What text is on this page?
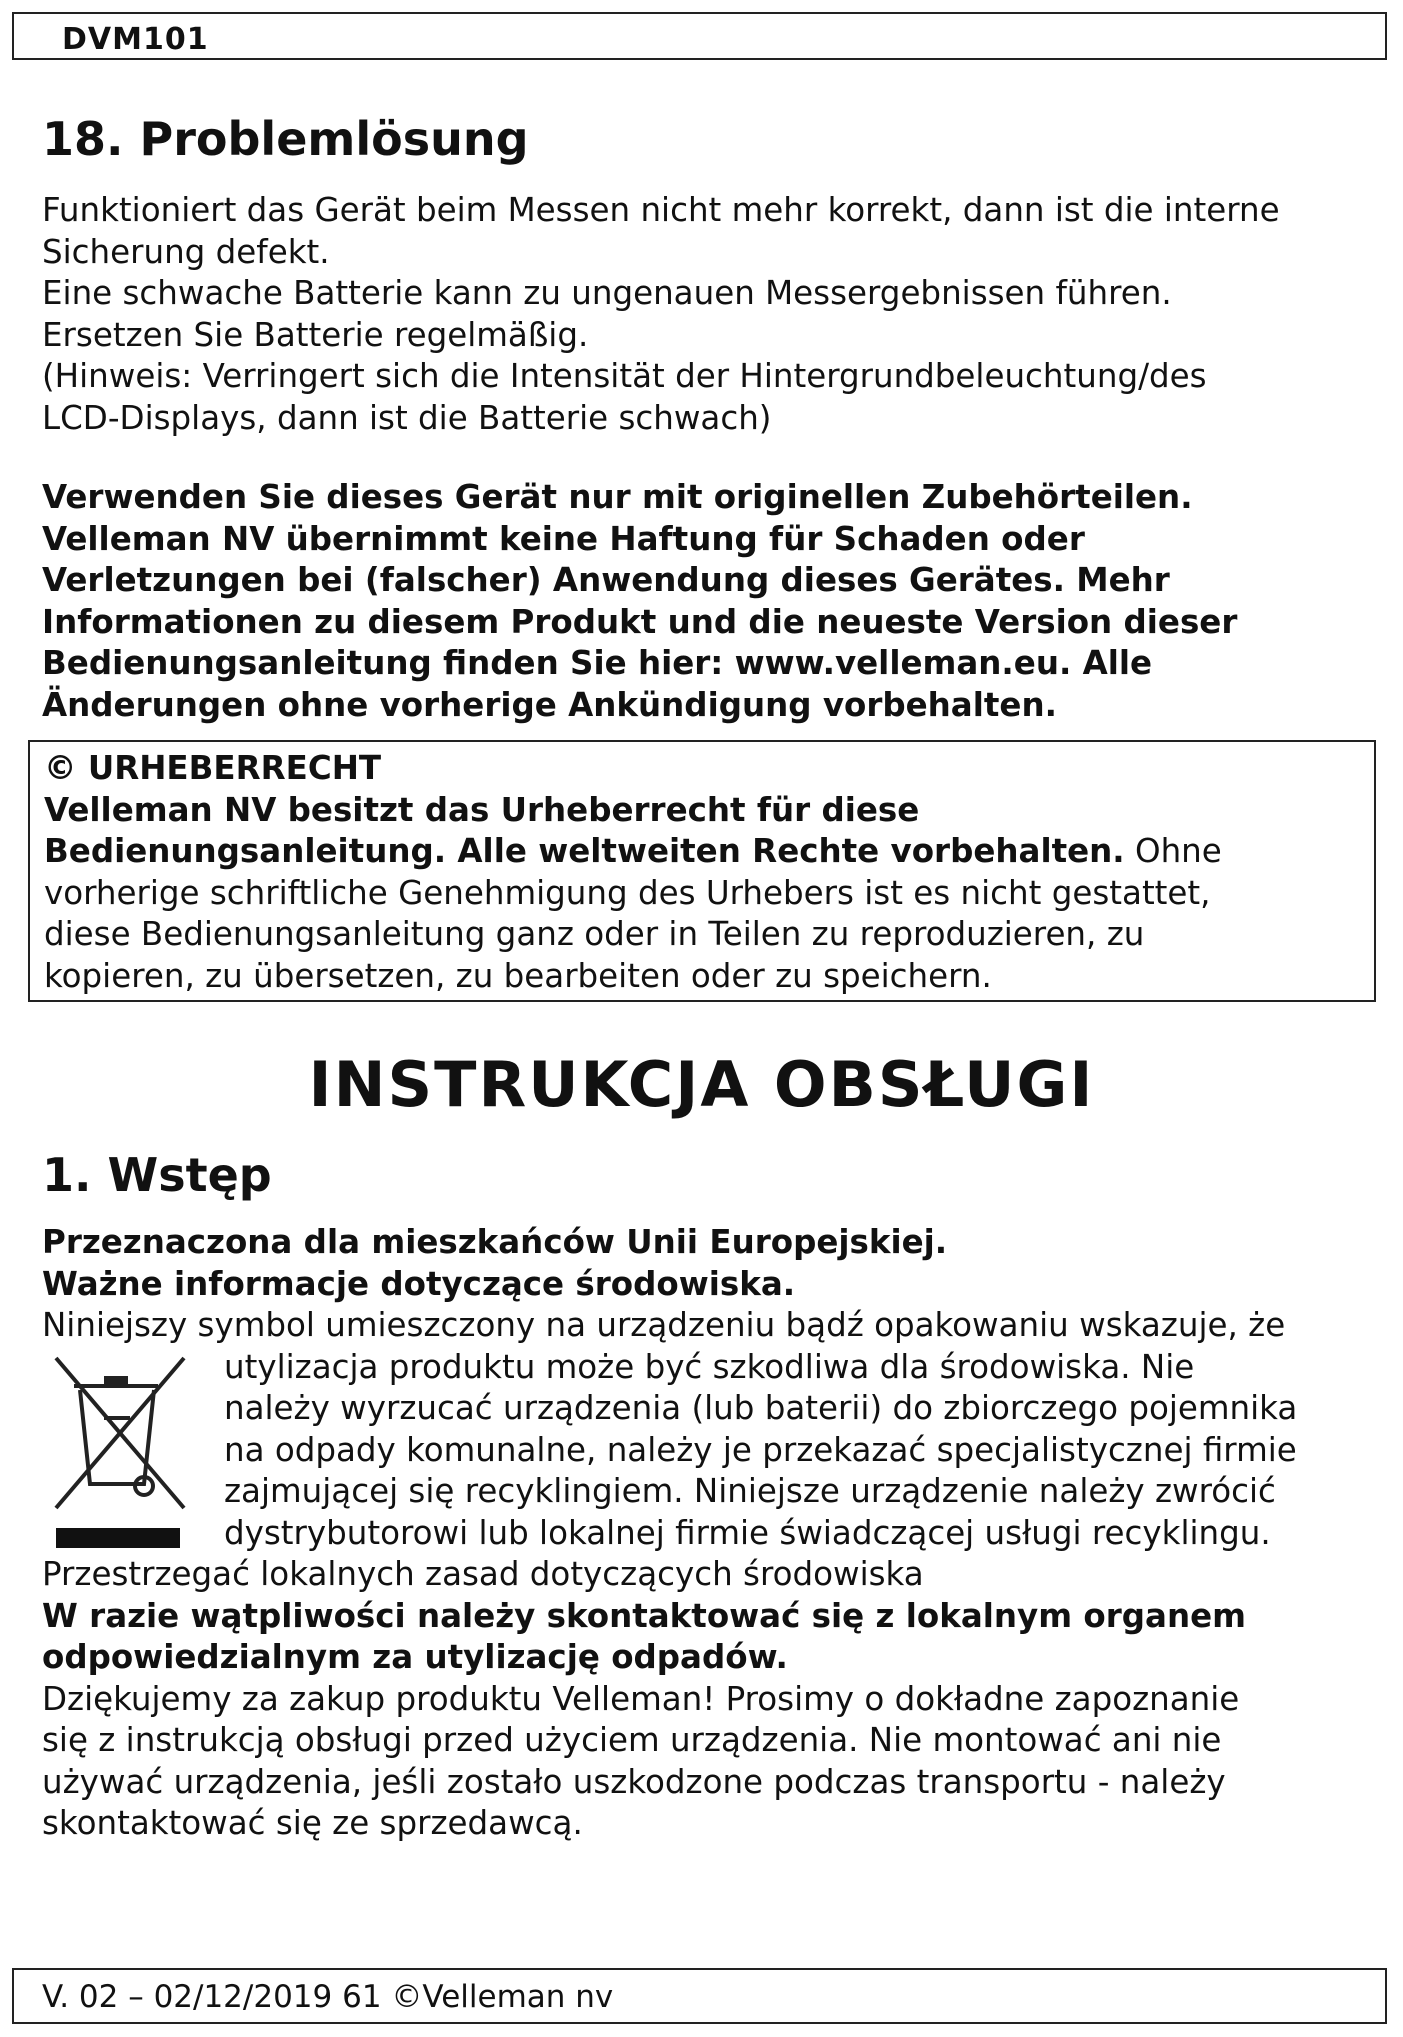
DVM101
18. Problemlösung

Funktioniert das Gerät beim Messen nicht mehr korrekt, dann ist die interne

Sicherung defekt.

Eine schwache Batterie kann zu ungenauen Messergebnissen führen.

Ersetzen Sie Batterie regelmäßig.

(Hinweis: Verringert sich die Intensität der Hintergrundbeleuchtung/des

LCD-Displays, dann ist die Batterie schwach)

Verwenden Sie dieses Gerät nur mit originellen Zubehörteilen.

Velleman NV übernimmt keine Haftung für Schaden oder

Verletzungen bei (falscher) Anwendung dieses Gerätes. Mehr

Informationen zu diesem Produkt und die neueste Version dieser

Bedienungsanleitung finden Sie hier: www.velleman.eu. Alle

Änderungen ohne vorherige Ankündigung vorbehalten.

© URHEBERRECHT

Velleman NV besitzt das Urheberrecht für diese

Bedienungsanleitung. Alle weltweiten Rechte vorbehalten. Ohne

vorherige schriftliche Genehmigung des Urhebers ist es nicht gestattet,

diese Bedienungsanleitung ganz oder in Teilen zu reproduzieren, zu

kopieren, zu übersetzen, zu bearbeiten oder zu speichern.

INSTRUKCJA OBSŁUGI
1. Wstęp

Przeznaczona dla mieszkańców Unii Europejskiej.

Ważne informacje dotyczące środowiska.

Niniejszy symbol umieszczony na urządzeniu bądź opakowaniu wskazuje, że

utylizacja produktu może być szkodliwa dla środowiska. Nie

należy wyrzucać urządzenia (lub baterii) do zbiorczego pojemnika

na odpady komunalne, należy je przekazać specjalistycznej firmie

zajmującej się recyklingiem. Niniejsze urządzenie należy zwrócić

dystrybutorowi lub lokalnej firmie świadczącej usługi recyklingu.

Przestrzegać lokalnych zasad dotyczących środowiska

W razie wątpliwości należy skontaktować się z lokalnym organem

odpowiedzialnym za utylizację odpadów.

Dziękujemy za zakup produktu Velleman! Prosimy o dokładne zapoznanie

się z instrukcją obsługi przed użyciem urządzenia. Nie montować ani nie

używać urządzenia, jeśli zostało uszkodzone podczas transportu - należy

skontaktować się ze sprzedawcą.

V. 02 – 02/12/2019 61 ©Velleman nv
